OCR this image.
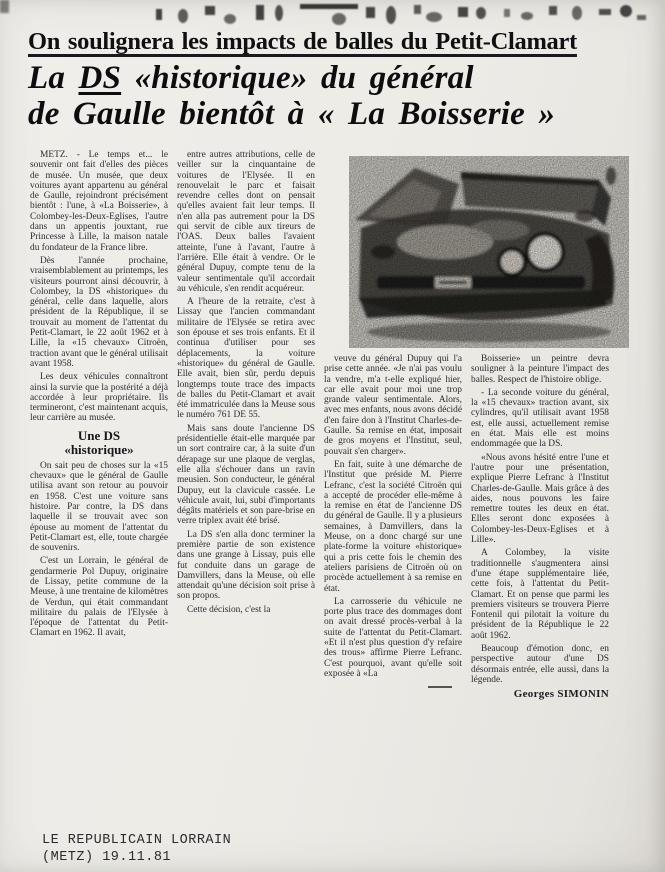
On soulignera les impacts de balles du Petit-Clamart
La DS «historique» du général
de Gaulle bientôt à « La Boisserie »

METZ. - Le temps et... le souvenir ont fait d'elles des pièces de musée. Un musée, que deux voitures ayant appartenu au général de Gaulle, rejoindront précisément bientôt : l'une, à «La Boisserie», à Colombey-les-Deux-Eglises, l'autre dans un appentis jouxtant, rue Princesse à Lille, la maison natale du fondateur de la France libre.

Dès l'année prochaine, vraisemblablement au printemps, les visiteurs pourront ainsi découvrir, à Colombey, la DS «historique» du général, celle dans laquelle, alors président de la République, il se trouvait au moment de l'attentat du Petit-Clamart, le 22 août 1962 et à Lille, la «15 chevaux» Citroën, traction avant que le général utilisait avant 1958.

Les deux véhicules connaîtront ainsi la survie que la postérité a déjà accordée à leur propriétaire. Ils termineront, c'est maintenant acquis, leur carrière au musée.

Une DS
«historique»

On sait peu de choses sur la «15 chevaux» que le général de Gaulle utilisa avant son retour au pouvoir en 1958. C'est une voiture sans histoire. Par contre, la DS dans laquelle il se trouvait avec son épouse au moment de l'attentat du Petit-Clamart est, elle, toute chargée de souvenirs.

C'est un Lorrain, le général de gendarmerie Pol Dupuy, originaire de Lissay, petite commune de la Meuse, à une trentaine de kilomètres de Verdun, qui était commandant militaire du palais de l'Elysée à l'époque de l'attentat du Petit-Clamart en 1962. Il avait,

entre autres attributions, celle de veiller sur la cinquantaine de voitures de l'Elysée. Il en renouvelait le parc et faisait revendre celles dont on pensait qu'elles avaient fait leur temps. Il n'en alla pas autrement pour la DS qui servit de cible aux tireurs de l'OAS. Deux balles l'avaient atteinte, l'une à l'avant, l'autre à l'arrière. Elle était à vendre. Or le général Dupuy, compte tenu de la valeur sentimentale qu'il accordait au véhicule, s'en rendit acquéreur.

A l'heure de la retraite, c'est à Lissay que l'ancien commandant militaire de l'Elysée se retira avec son épouse et ses trois enfants. Et il continua d'utiliser pour ses déplacements, la voiture «historique» du général de Gaulle. Elle avait, bien sûr, perdu depuis longtemps toute trace des impacts de balles du Petit-Clamart et avait été immatriculée dans la Meuse sous le numéro 761 DE 55.

Mais sans doute l'ancienne DS présidentielle était-elle marquée par un sort contraire car, à la suite d'un dérapage sur une plaque de verglas, elle alla s'échouer dans un ravin meusien. Son conducteur, le général Dupuy, eut la clavicule cassée. Le véhicule avait, lui, subi d'importants dégâts matériels et son pare-brise en verre triplex avait été brisé.

La DS s'en alla donc terminer la première partie de son existence dans une grange à Lissay, puis elle fut conduite dans un garage de Damvillers, dans la Meuse, où elle attendait qu'une décision soit prise à son propos.

Cette décision, c'est la

veuve du général Dupuy qui l'a prise cette année. «Je n'ai pas voulu la vendre, m'a t-elle expliqué hier, car elle avait pour moi une trop grande valeur sentimentale. Alors, avec mes enfants, nous avons décidé d'en faire don à l'Institut Charles-de-Gaulle. Sa remise en état, imposait de gros moyens et l'Institut, seul, pouvait s'en charger».

En fait, suite à une démarche de l'Institut que préside M. Pierre Lefranc, c'est la société Citroën qui a accepté de procéder elle-même à la remise en état de l'ancienne DS du général de Gaulle. Il y a plusieurs semaines, à Damvillers, dans la Meuse, on a donc chargé sur une plate-forme la voiture «historique» qui a pris cette fois le chemin des ateliers parisiens de Citroën où on procède actuellement à sa remise en état.

La carrosserie du véhicule ne porte plus trace des dommages dont on avait dressé procès-verbal à la suite de l'attentat du Petit-Clamart. «Et il n'est plus question d'y refaire des trous» affirme Pierre Lefranc. C'est pourquoi, avant qu'elle soit exposée à «La

Boisserie» un peintre devra souligner à la peinture l'impact des balles. Respect de l'histoire oblige.

- La seconde voiture du général, la «15 chevaux» traction avant, six cylindres, qu'il utilisait avant 1958 est, elle aussi, actuellement remise en état. Mais elle est moins endommagée que la DS.

«Nous avons hésité entre l'une et l'autre pour une présentation, explique Pierre Lefranc à l'Institut Charles-de-Gaulle. Mais grâce à des aides, nous pouvons les faire remettre toutes les deux en état. Elles seront donc exposées à Colombey-les-Deux-Eglises et à Lille».

A Colombey, la visite traditionnelle s'augmentera ainsi d'une étape supplémentaire liée, cette fois, à l'attentat du Petit-Clamart. Et on pense que parmi les premiers visiteurs se trouvera Pierre Fontenil qui pilotait la voiture du président de la République le 22 août 1962.

Beaucoup d'émotion donc, en perspective autour d'une DS désormais entrée, elle aussi, dans la légende.

Georges SIMONIN
LE REPUBLICAIN LORRAIN
(METZ) 19.11.81
